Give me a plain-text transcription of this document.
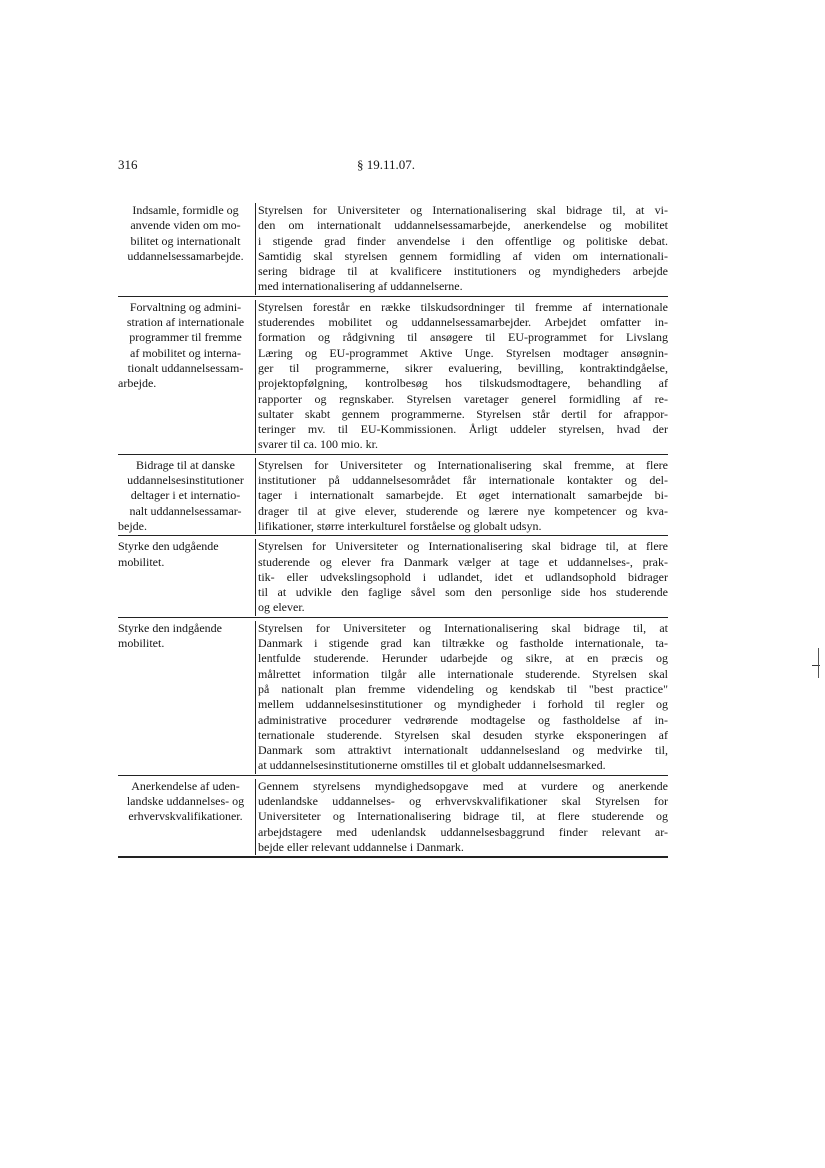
316	§ 19.11.07.
Indsamle, formidle og
anvende viden om mo-
bilitet og internationalt
uddannelsessamarbejde.
Styrelsen for Universiteter og Internationalisering skal bidrage til, at vi-
den om internationalt uddannelsessamarbejde, anerkendelse og mobilitet
i stigende grad finder anvendelse i den offentlige og politiske debat.
Samtidig skal styrelsen gennem formidling af viden om internationali-
sering bidrage til at kvalificere institutioners og myndigheders arbejde
med internationalisering af uddannelserne.
Forvaltning og admini-
stration af internationale
programmer til fremme
af mobilitet og interna-
tionalt uddannelsessam-
arbejde.
Styrelsen forestår en række tilskudsordninger til fremme af internationale
studerendes mobilitet og uddannelsessamarbejder. Arbejdet omfatter in-
formation og rådgivning til ansøgere til EU-programmet for Livslang
Læring og EU-programmet Aktive Unge. Styrelsen modtager ansøgnin-
ger til programmerne, sikrer evaluering, bevilling, kontraktindgåelse,
projektopfølgning, kontrolbesøg hos tilskudsmodtagere, behandling af
rapporter og regnskaber. Styrelsen varetager generel formidling af re-
sultater skabt gennem programmerne. Styrelsen står dertil for afrappor-
teringer mv. til EU-Kommissionen. Årligt uddeler styrelsen, hvad der
svarer til ca. 100 mio. kr.
Bidrage til at danske
uddannelsesinstitutioner
deltager i et internatio-
nalt uddannelsessamar-
bejde.
Styrelsen for Universiteter og Internationalisering skal fremme, at flere
institutioner på uddannelsesområdet får internationale kontakter og del-
tager i internationalt samarbejde. Et øget internationalt samarbejde bi-
drager til at give elever, studerende og lærere nye kompetencer og kva-
lifikationer, større interkulturel forståelse og globalt udsyn.
Styrke den udgående
mobilitet.
Styrelsen for Universiteter og Internationalisering skal bidrage til, at flere
studerende og elever fra Danmark vælger at tage et uddannelses-, prak-
tik- eller udvekslingsophold i udlandet, idet et udlandsophold bidrager
til at udvikle den faglige såvel som den personlige side hos studerende
og elever.
Styrke den indgående
mobilitet.
Styrelsen for Universiteter og Internationalisering skal bidrage til, at
Danmark i stigende grad kan tiltrække og fastholde internationale, ta-
lentfulde studerende. Herunder udarbejde og sikre, at en præcis og
målrettet information tilgår alle internationale studerende. Styrelsen skal
på nationalt plan fremme videndeling og kendskab til "best practice"
mellem uddannelsesinstitutioner og myndigheder i forhold til regler og
administrative procedurer vedrørende modtagelse og fastholdelse af in-
ternationale studerende. Styrelsen skal desuden styrke eksponeringen af
Danmark som attraktivt internationalt uddannelsesland og medvirke til,
at uddannelsesinstitutionerne omstilles til et globalt uddannelsesmarked.
Anerkendelse af uden-
landske uddannelses- og
erhvervskvalifikationer.
Gennem styrelsens myndighedsopgave med at vurdere og anerkende
udenlandske uddannelses- og erhvervskvalifikationer skal Styrelsen for
Universiteter og Internationalisering bidrage til, at flere studerende og
arbejdstagere med udenlandsk uddannelsesbaggrund finder relevant ar-
bejde eller relevant uddannelse i Danmark.
